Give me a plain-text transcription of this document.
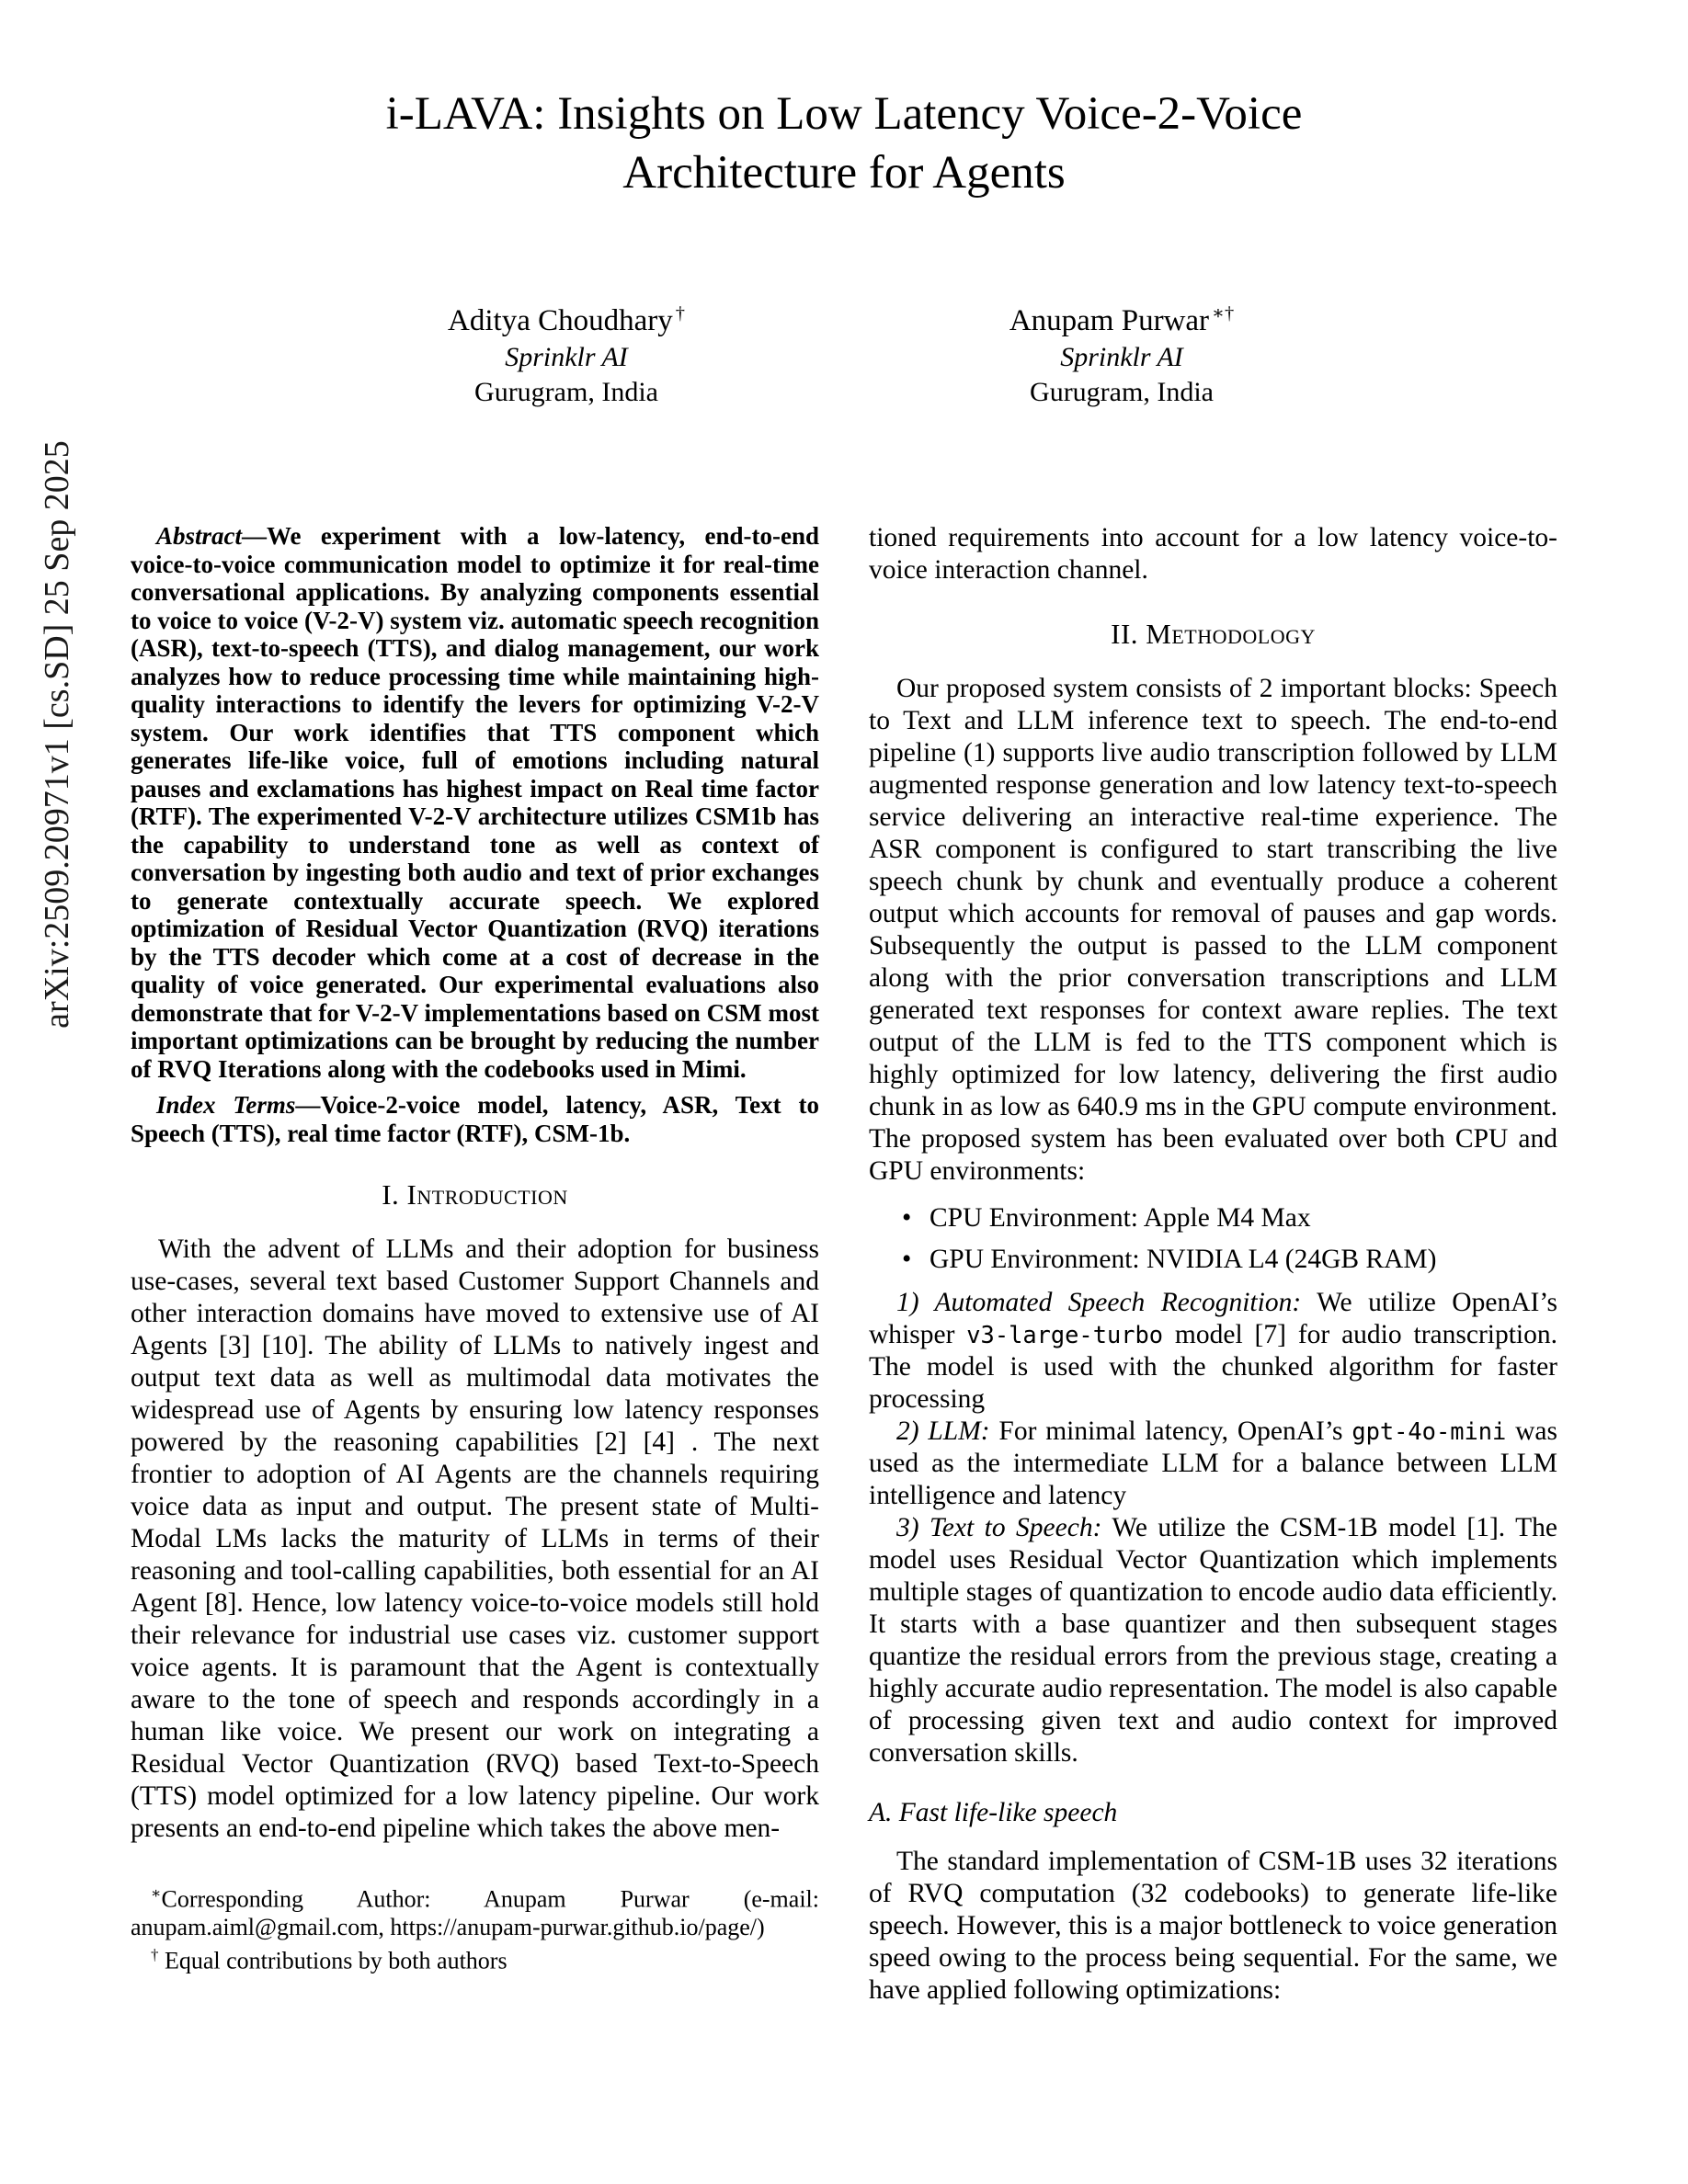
arXiv:2509.20971v1 [cs.SD] 25 Sep 2025
i-LAVA: Insights on Low Latency Voice-2-Voice Architecture for Agents
Aditya Choudhary †
Sprinklr AI
Gurugram, India
Anupam Purwar ∗†
Sprinklr AI
Gurugram, India

Abstract—We experiment with a low-latency, end-to-end voice-to-voice communication model to optimize it for real-time conversational applications. By analyzing components essential to voice to voice (V-2-V) system viz. automatic speech recognition (ASR), text-to-speech (TTS), and dialog management, our work analyzes how to reduce processing time while maintaining high-quality interactions to identify the levers for optimizing V-2-V system. Our work identifies that TTS component which generates life-like voice, full of emotions including natural pauses and exclamations has highest impact on Real time factor (RTF). The experimented V-2-V architecture utilizes CSM1b has the capability to understand tone as well as context of conversation by ingesting both audio and text of prior exchanges to generate contextually accurate speech. We explored optimization of Residual Vector Quantization (RVQ) iterations by the TTS decoder which come at a cost of decrease in the quality of voice generated. Our experimental evaluations also demonstrate that for V-2-V implementations based on CSM most important optimizations can be brought by reducing the number of RVQ Iterations along with the codebooks used in Mimi.

Index Terms—Voice-2-voice model, latency, ASR, Text to Speech (TTS), real time factor (RTF), CSM-1b.

I. Introduction

With the advent of LLMs and their adoption for business use-cases, several text based Customer Support Channels and other interaction domains have moved to extensive use of AI Agents [3] [10]. The ability of LLMs to natively ingest and output text data as well as multimodal data motivates the widespread use of Agents by ensuring low latency responses powered by the reasoning capabilities [2] [4] . The next frontier to adoption of AI Agents are the channels requiring voice data as input and output. The present state of Multi-Modal LMs lacks the maturity of LLMs in terms of their reasoning and tool-calling capabilities, both essential for an AI Agent [8]. Hence, low latency voice-to-voice models still hold their relevance for industrial use cases viz. customer support voice agents. It is paramount that the Agent is contextually aware to the tone of speech and responds accordingly in a human like voice. We present our work on integrating a Residual Vector Quantization (RVQ) based Text-to-Speech (TTS) model optimized for a low latency pipeline. Our work presents an end-to-end pipeline which takes the above men-

∗Corresponding Author: Anupam Purwar (e-mail: anupam.aiml@gmail.com, https://anupam-purwar.github.io/page/)

† Equal contributions by both authors

tioned requirements into account for a low latency voice-to-voice interaction channel.

II. Methodology

Our proposed system consists of 2 important blocks: Speech to Text and LLM inference text to speech. The end-to-end pipeline (1) supports live audio transcription followed by LLM augmented response generation and low latency text-to-speech service delivering an interactive real-time experience. The ASR component is configured to start transcribing the live speech chunk by chunk and eventually produce a coherent output which accounts for removal of pauses and gap words. Subsequently the output is passed to the LLM component along with the prior conversation transcriptions and LLM generated text responses for context aware replies. The text output of the LLM is fed to the TTS component which is highly optimized for low latency, delivering the first audio chunk in as low as 640.9 ms in the GPU compute environment. The proposed system has been evaluated over both CPU and GPU environments:

• CPU Environment: Apple M4 Max
• GPU Environment: NVIDIA L4 (24GB RAM)

1) Automated Speech Recognition: We utilize OpenAI’s whisper v3-large-turbo model [7] for audio transcription. The model is used with the chunked algorithm for faster processing

2) LLM: For minimal latency, OpenAI’s gpt-4o-mini was used as the intermediate LLM for a balance between LLM intelligence and latency

3) Text to Speech: We utilize the CSM-1B model [1]. The model uses Residual Vector Quantization which implements multiple stages of quantization to encode audio data efficiently. It starts with a base quantizer and then subsequent stages quantize the residual errors from the previous stage, creating a highly accurate audio representation. The model is also capable of processing given text and audio context for improved conversation skills.

A. Fast life-like speech

The standard implementation of CSM-1B uses 32 iterations of RVQ computation (32 codebooks) to generate life-like speech. However, this is a major bottleneck to voice generation speed owing to the process being sequential. For the same, we have applied following optimizations:
